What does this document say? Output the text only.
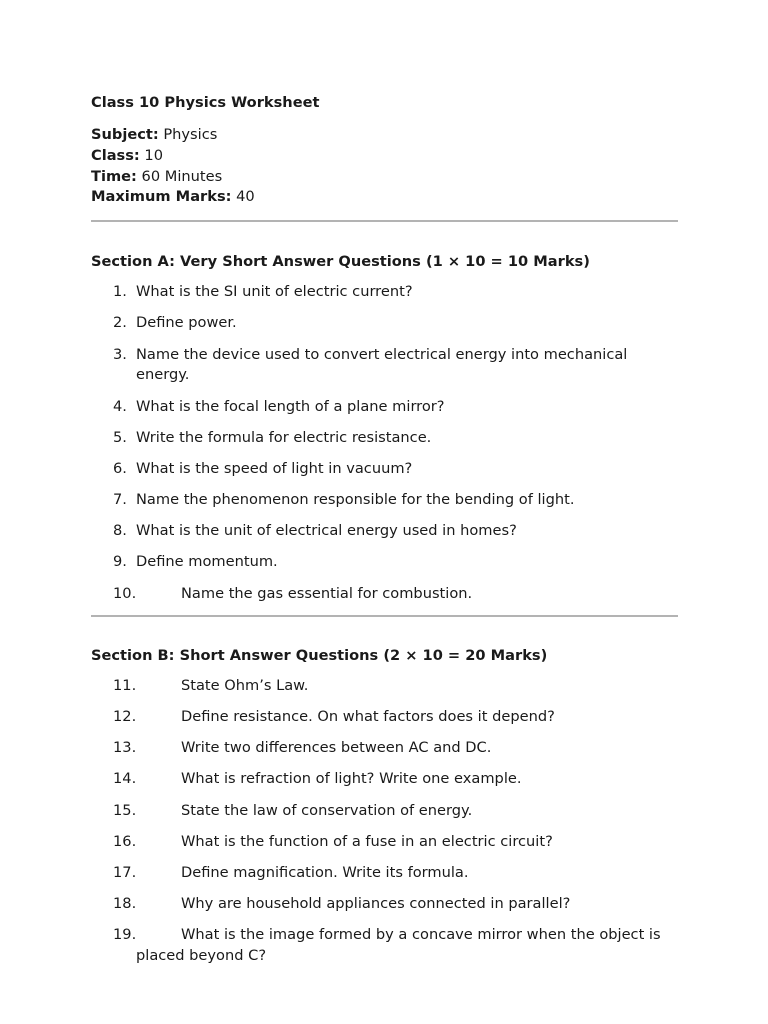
Class 10 Physics Worksheet
Subject: Physics
Class: 10
Time: 60 Minutes
Maximum Marks: 40
Section A: Very Short Answer Questions (1 × 10 = 10 Marks)
1. What is the SI unit of electric current?
2. Define power.
3. Name the device used to convert electrical energy into mechanical energy.
4. What is the focal length of a plane mirror?
5. Write the formula for electric resistance.
6. What is the speed of light in vacuum?
7. Name the phenomenon responsible for the bending of light.
8. What is the unit of electrical energy used in homes?
9. Define momentum.
10.	Name the gas essential for combustion.
Section B: Short Answer Questions (2 × 10 = 20 Marks)
11.	State Ohm’s Law.
12.	Define resistance. On what factors does it depend?
13.	Write two differences between AC and DC.
14.	What is refraction of light? Write one example.
15.	State the law of conservation of energy.
16.	What is the function of a fuse in an electric circuit?
17.	Define magnification. Write its formula.
18.	Why are household appliances connected in parallel?
19.	What is the image formed by a concave mirror when the object is placed beyond C?
